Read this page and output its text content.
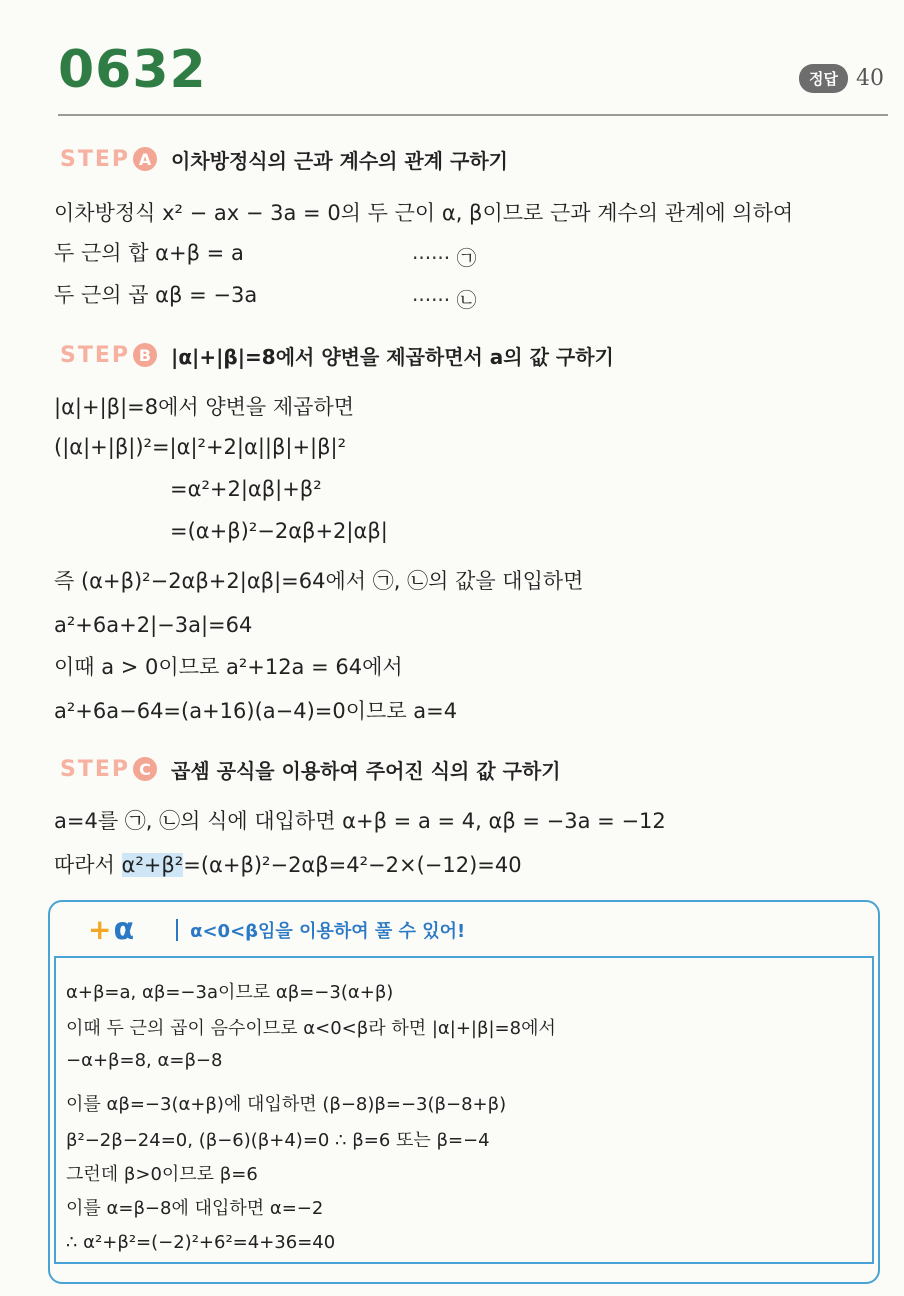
0632	정답 40
STEP A 이차방정식의 근과 계수의 관계 구하기
이차방정식 x² − ax − 3a = 0의 두 근이 α, β이므로 근과 계수의 관계에 의하여
두 근의 합 α+β = a	······ ㉠
두 근의 곱 αβ = −3a	······ ㉡
STEP B |α|+|β|=8에서 양변을 제곱하면서 a의 값 구하기
|α|+|β|=8에서 양변을 제곱하면
(|α|+|β|)²=|α|²+2|α||β|+|β|²
=α²+2|αβ|+β²
=(α+β)²−2αβ+2|αβ|
즉 (α+β)²−2αβ+2|αβ|=64에서 ㉠, ㉡의 값을 대입하면
a²+6a+2|−3a|=64
이때 a > 0이므로 a²+12a = 64에서
a²+6a−64=(a+16)(a−4)=0이므로 a=4
STEP C	곱셈 공식을 이용하여 주어진 식의 값 구하기
a=4를 ㉠, ㉡의 식에 대입하면 α+β = a = 4, αβ = −3a = −12
따라서 α²+β²=(α+β)²−2αβ=4²−2×(−12)=40
+ α	α<0<β임을 이용하여 풀 수 있어!
α+β=a, αβ=−3a이므로 αβ=−3(α+β)
이때 두 근의 곱이 음수이므로 α<0<β라 하면 |α|+|β|=8에서
−α+β=8, α=β−8
이를 αβ=−3(α+β)에 대입하면 (β−8)β=−3(β−8+β)
β²−2β−24=0, (β−6)(β+4)=0 ∴ β=6 또는 β=−4
그런데 β>0이므로 β=6
이를 α=β−8에 대입하면 α=−2
∴ α²+β²=(−2)²+6²=4+36=40
